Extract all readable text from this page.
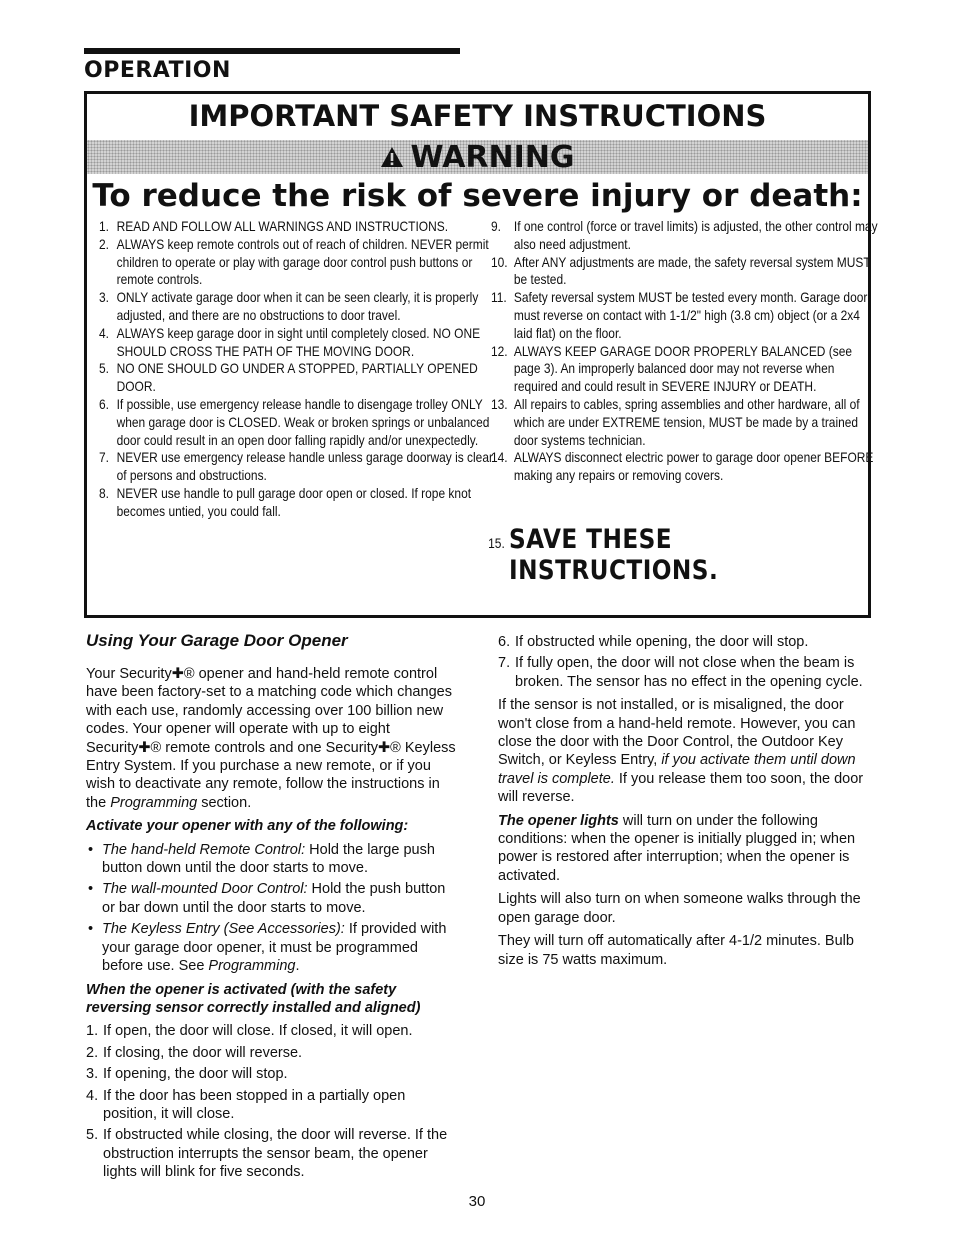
OPERATION
IMPORTANT SAFETY INSTRUCTIONS
WARNING
To reduce the risk of severe injury or death:
1. READ AND FOLLOW ALL WARNINGS AND INSTRUCTIONS.
2. ALWAYS keep remote controls out of reach of children. NEVER permit children to operate or play with garage door control push buttons or remote controls.
3. ONLY activate garage door when it can be seen clearly, it is properly adjusted, and there are no obstructions to door travel.
4. ALWAYS keep garage door in sight until completely closed. NO ONE SHOULD CROSS THE PATH OF THE MOVING DOOR.
5. NO ONE SHOULD GO UNDER A STOPPED, PARTIALLY OPENED DOOR.
6. If possible, use emergency release handle to disengage trolley ONLY when garage door is CLOSED. Weak or broken springs or unbalanced door could result in an open door falling rapidly and/or unexpectedly.
7. NEVER use emergency release handle unless garage doorway is clear of persons and obstructions.
8. NEVER use handle to pull garage door open or closed. If rope knot becomes untied, you could fall.
9. If one control (force or travel limits) is adjusted, the other control may also need adjustment.
10. After ANY adjustments are made, the safety reversal system MUST be tested.
11. Safety reversal system MUST be tested every month. Garage door must reverse on contact with 1-1/2" high (3.8 cm) object (or a 2x4 laid flat) on the floor.
12. ALWAYS KEEP GARAGE DOOR PROPERLY BALANCED (see page 3). An improperly balanced door may not reverse when required and could result in SEVERE INJURY or DEATH.
13. All repairs to cables, spring assemblies and other hardware, all of which are under EXTREME tension, MUST be made by a trained door systems technician.
14. ALWAYS disconnect electric power to garage door opener BEFORE making any repairs or removing covers.
15. SAVE THESE INSTRUCTIONS.
Using Your Garage Door Opener

Your Security✚® opener and hand-held remote control have been factory-set to a matching code which changes with each use, randomly accessing over 100 billion new codes. Your opener will operate with up to eight Security✚® remote controls and one Security✚® Keyless Entry System. If you purchase a new remote, or if you wish to deactivate any remote, follow the instructions in the Programming section.

Activate your opener with any of the following:

• The hand-held Remote Control: Hold the large push button down until the door starts to move.
• The wall-mounted Door Control: Hold the push button or bar down until the door starts to move.
• The Keyless Entry (See Accessories): If provided with your garage door opener, it must be programmed before use. See Programming.

When the opener is activated (with the safety reversing sensor correctly installed and aligned)

1. If open, the door will close. If closed, it will open.
2. If closing, the door will reverse.
3. If opening, the door will stop.
4. If the door has been stopped in a partially open position, it will close.
5. If obstructed while closing, the door will reverse. If the obstruction interrupts the sensor beam, the opener lights will blink for five seconds.
6. If obstructed while opening, the door will stop.
7. If fully open, the door will not close when the beam is broken. The sensor has no effect in the opening cycle.

If the sensor is not installed, or is misaligned, the door won't close from a hand-held remote. However, you can close the door with the Door Control, the Outdoor Key Switch, or Keyless Entry, if you activate them until down travel is complete. If you release them too soon, the door will reverse.

The opener lights will turn on under the following conditions: when the opener is initially plugged in; when power is restored after interruption; when the opener is activated.

Lights will also turn on when someone walks through the open garage door.

They will turn off automatically after 4-1/2 minutes. Bulb size is 75 watts maximum.

30
